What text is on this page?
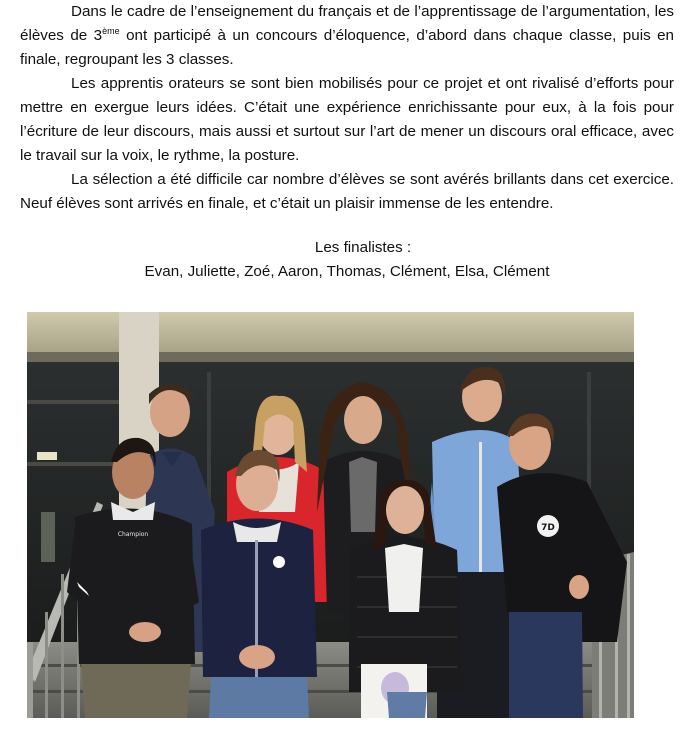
Dans le cadre de l’enseignement du français et de l’apprentissage de l’argumentation, les élèves de 3ème ont participé à un concours d’éloquence, d’abord dans chaque classe, puis en finale, regroupant les 3 classes.

Les apprentis orateurs se sont bien mobilisés pour ce projet et ont rivalisé d’efforts pour mettre en exergue leurs idées. C’était une expérience enrichissante pour eux, à la fois pour l’écriture de leur discours, mais aussi et surtout sur l’art de mener un discours oral efficace, avec le travail sur la voix, le rythme, la posture.

La sélection a été difficile car nombre d’élèves se sont avérés brillants dans cet exercice. Neuf élèves sont arrivés en finale, et c’était un plaisir immense de les entendre.

Les finalistes :
Evan, Juliette, Zoé, Aaron, Thomas, Clément, Elsa, Clément
7D
Champion
